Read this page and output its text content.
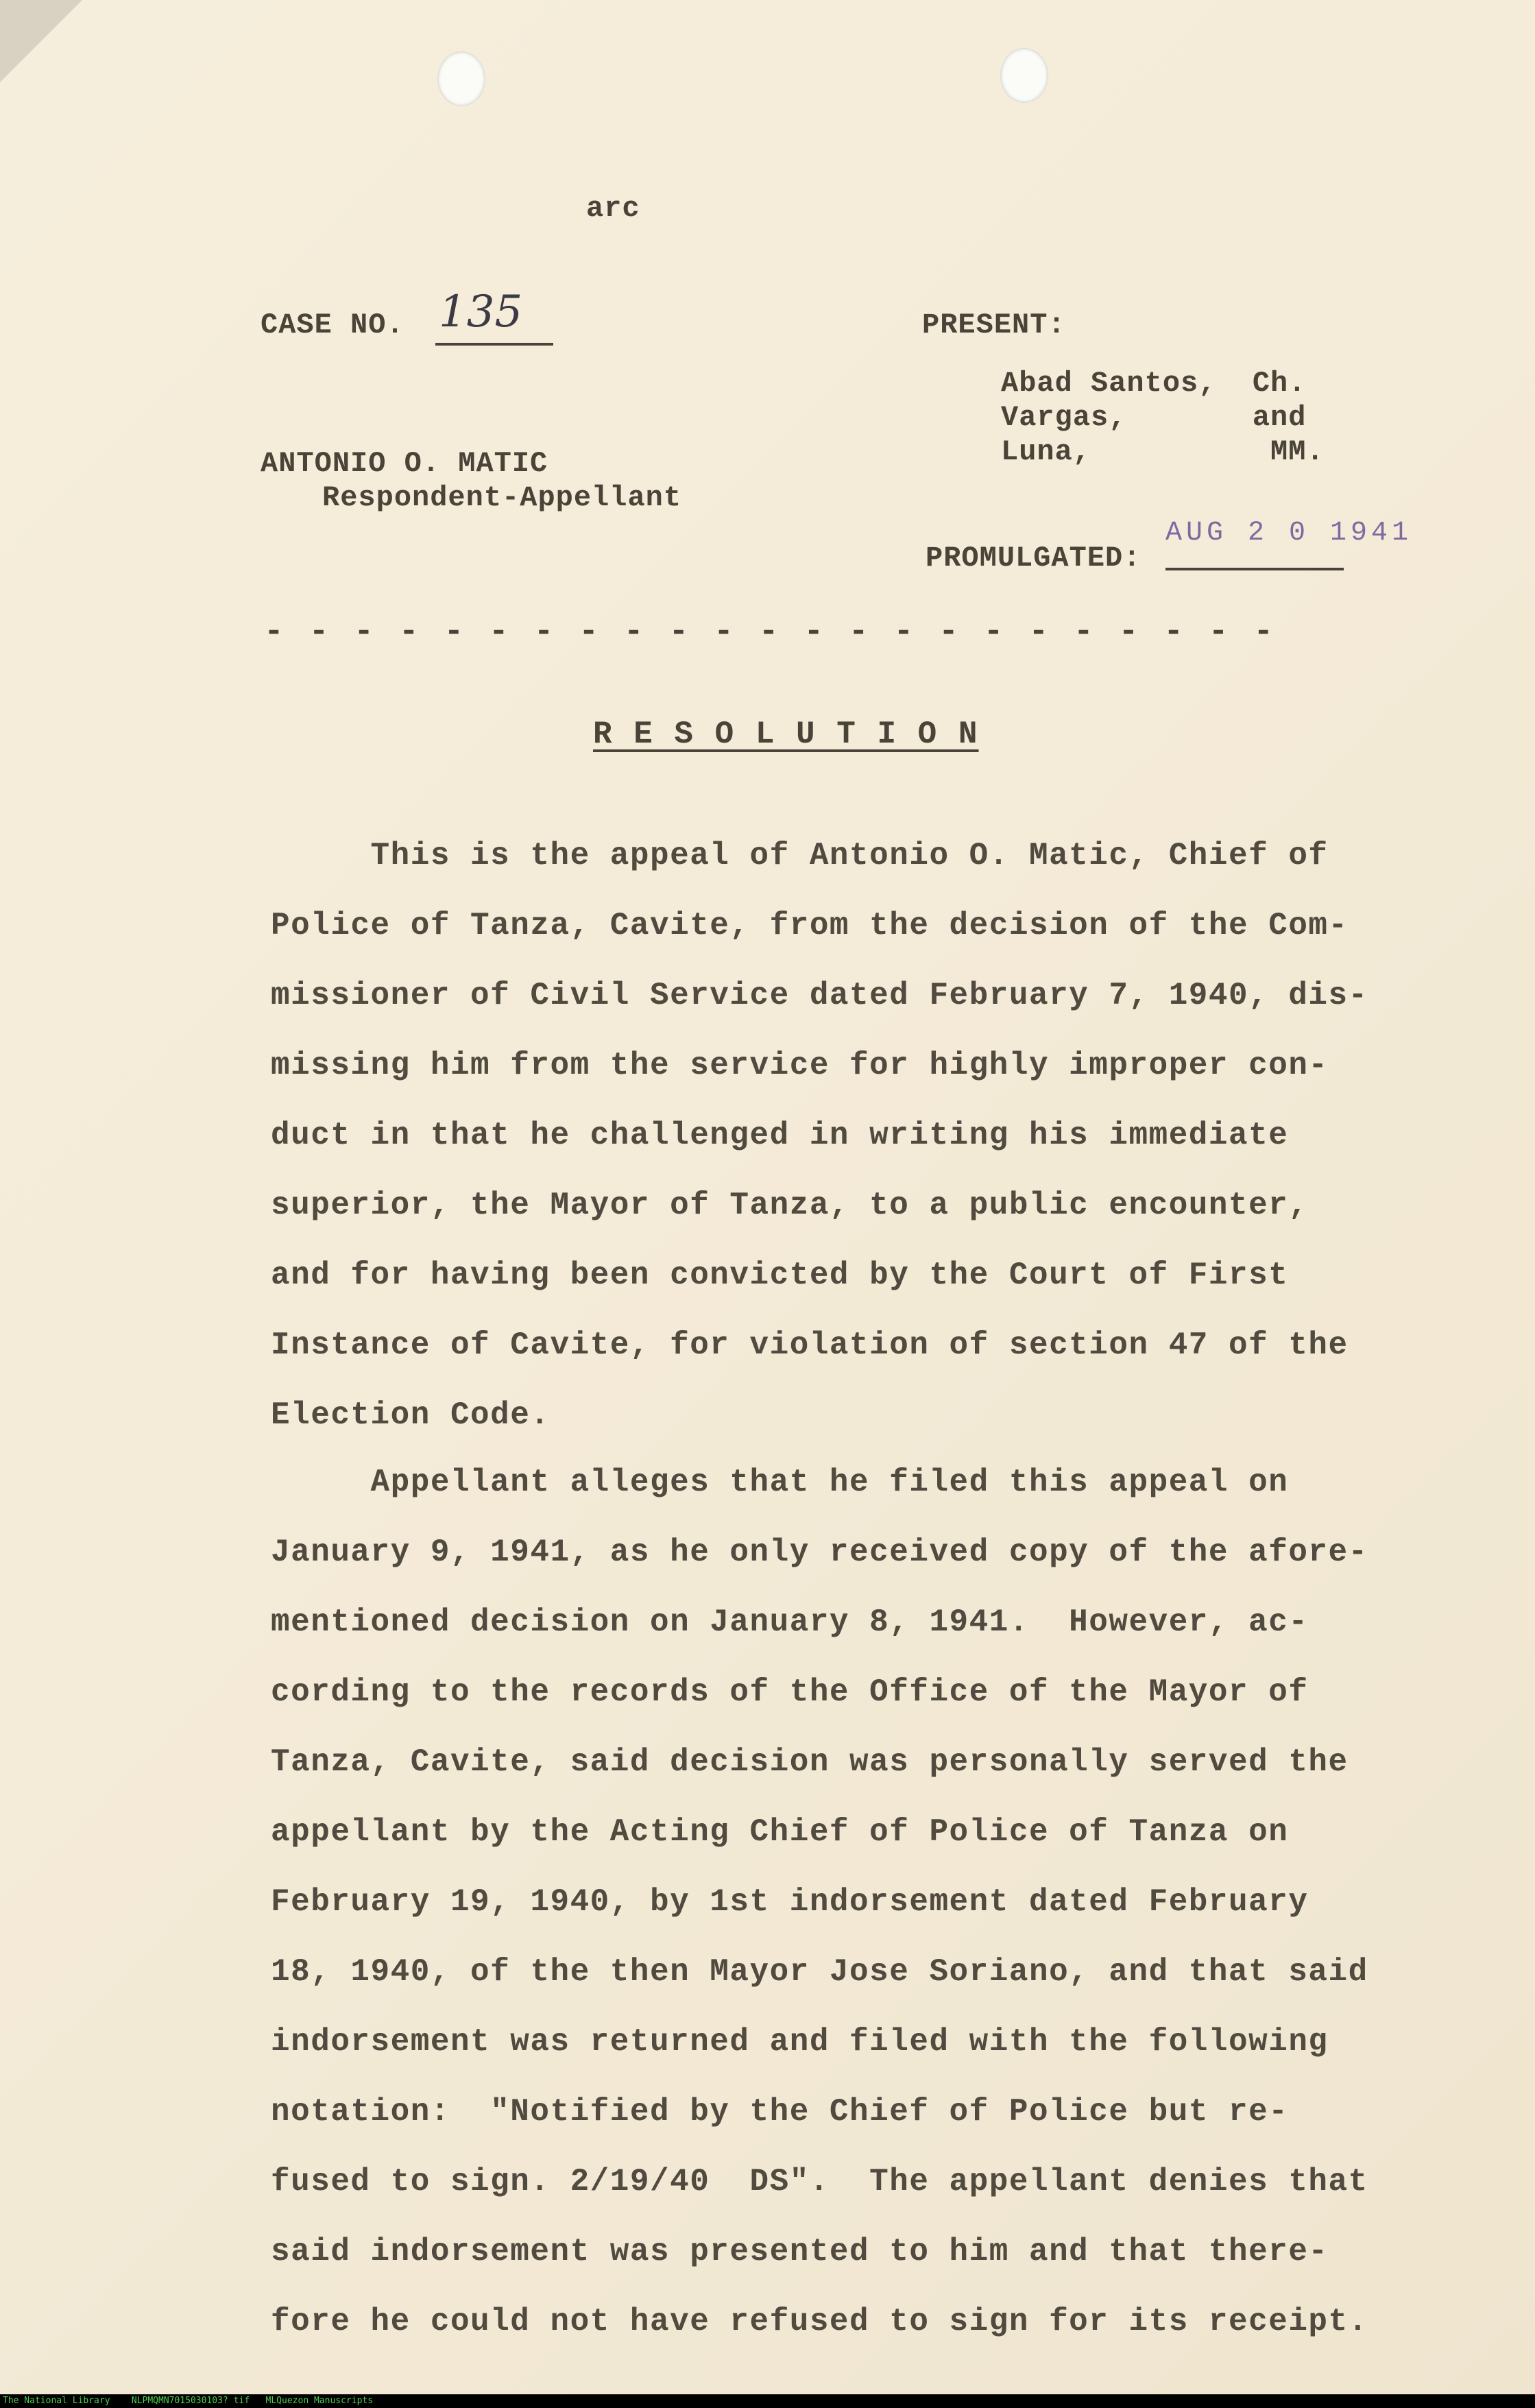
arc
CASE NO. 135	PRESENT:
Abad Santos,  Ch.
Vargas,       and
Luna,          MM.
ANTONIO O. MATIC
Respondent-Appellant
PROMULGATED:
AUG 2 0 1941
- - - - - - - - - - - - - - - - - - - - - - -
R E S O L U T I O N
This is the appeal of Antonio O. Matic, Chief of
Police of Tanza, Cavite, from the decision of the Com-
missioner of Civil Service dated February 7, 1940, dis-
missing him from the service for highly improper con-
duct in that he challenged in writing his immediate
superior, the Mayor of Tanza, to a public encounter,
and for having been convicted by the Court of First
Instance of Cavite, for violation of section 47 of the
Election Code.
Appellant alleges that he filed this appeal on
January 9, 1941, as he only received copy of the afore-
mentioned decision on January 8, 1941.  However, ac-
cording to the records of the Office of the Mayor of
Tanza, Cavite, said decision was personally served the
appellant by the Acting Chief of Police of Tanza on
February 19, 1940, by 1st indorsement dated February
18, 1940, of the then Mayor Jose Soriano, and that said
indorsement was returned and filed with the following
notation:  "Notified by the Chief of Police but re-
fused to sign. 2/19/40  DS".  The appellant denies that
said indorsement was presented to him and that there-
fore he could not have refused to sign for its receipt.
The National Library NLPMQMN7015030103? tif MLQuezon Manuscripts
